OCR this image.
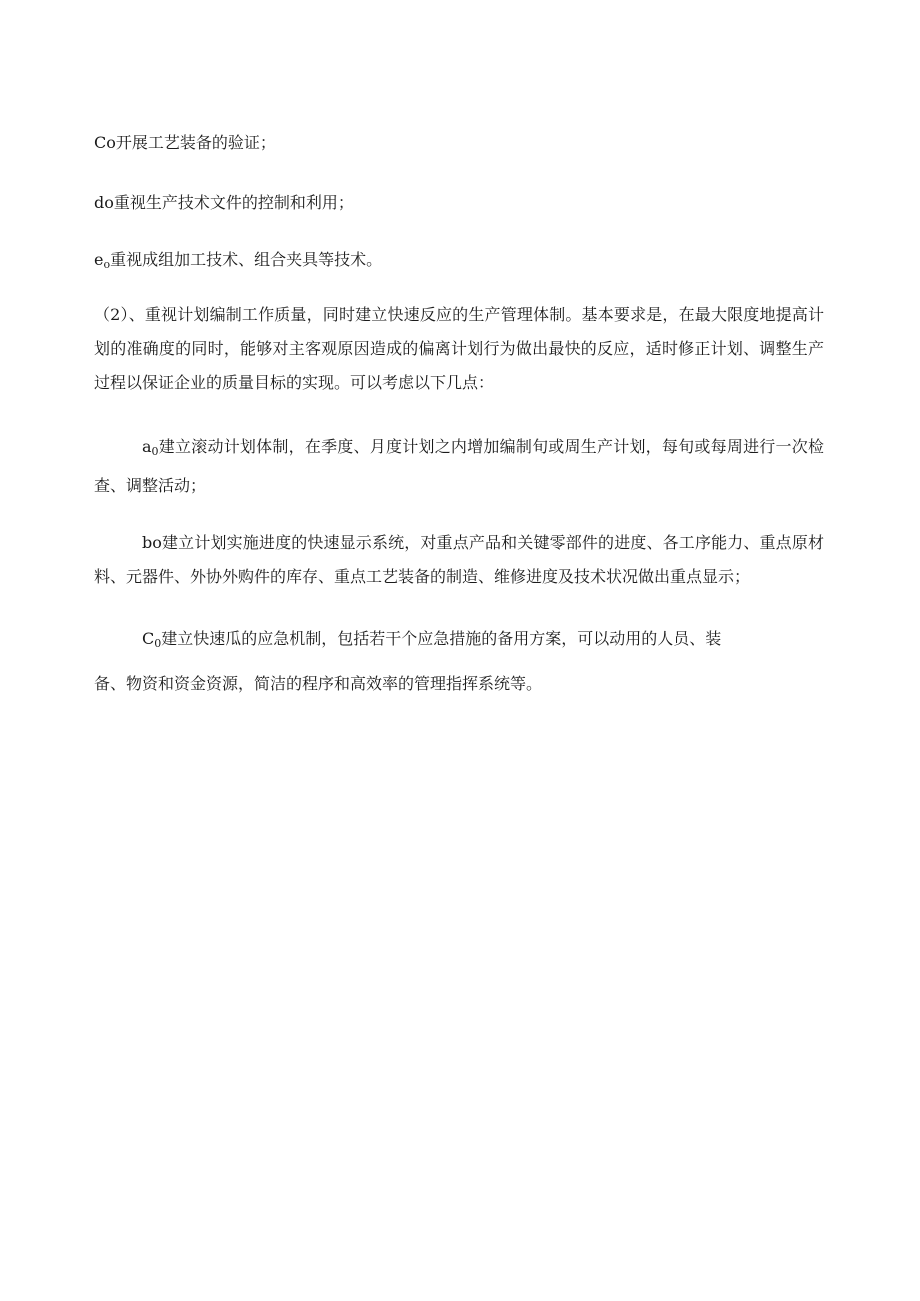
Co开展工艺装备的验证；

do重视生产技术文件的控制和利用；

$e_o$重视成组加工技术、组合夹具等技术。

（2）、重视计划编制工作质量，同时建立快速反应的生产管理体制。基本要求是，在最大限度地提高计划的准确度的同时，能够对主客观原因造成的偏离计划行为做出最快的反应，适时修正计划、调整生产过程以保证企业的质量目标的实现。可以考虑以下几点：

$a_0$建立滚动计划体制，在季度、月度计划之内增加编制旬或周生产计划，每旬或每周进行一次检查、调整活动；

bo建立计划实施进度的快速显示系统，对重点产品和关键零部件的进度、各工序能力、重点原材料、元器件、外协外购件的库存、重点工艺装备的制造、维修进度及技术状况做出重点显示；

$C_0$建立快速瓜的应急机制，包括若干个应急措施的备用方案，可以动用的人员、装

备、物资和资金资源，简洁的程序和高效率的管理指挥系统等。
